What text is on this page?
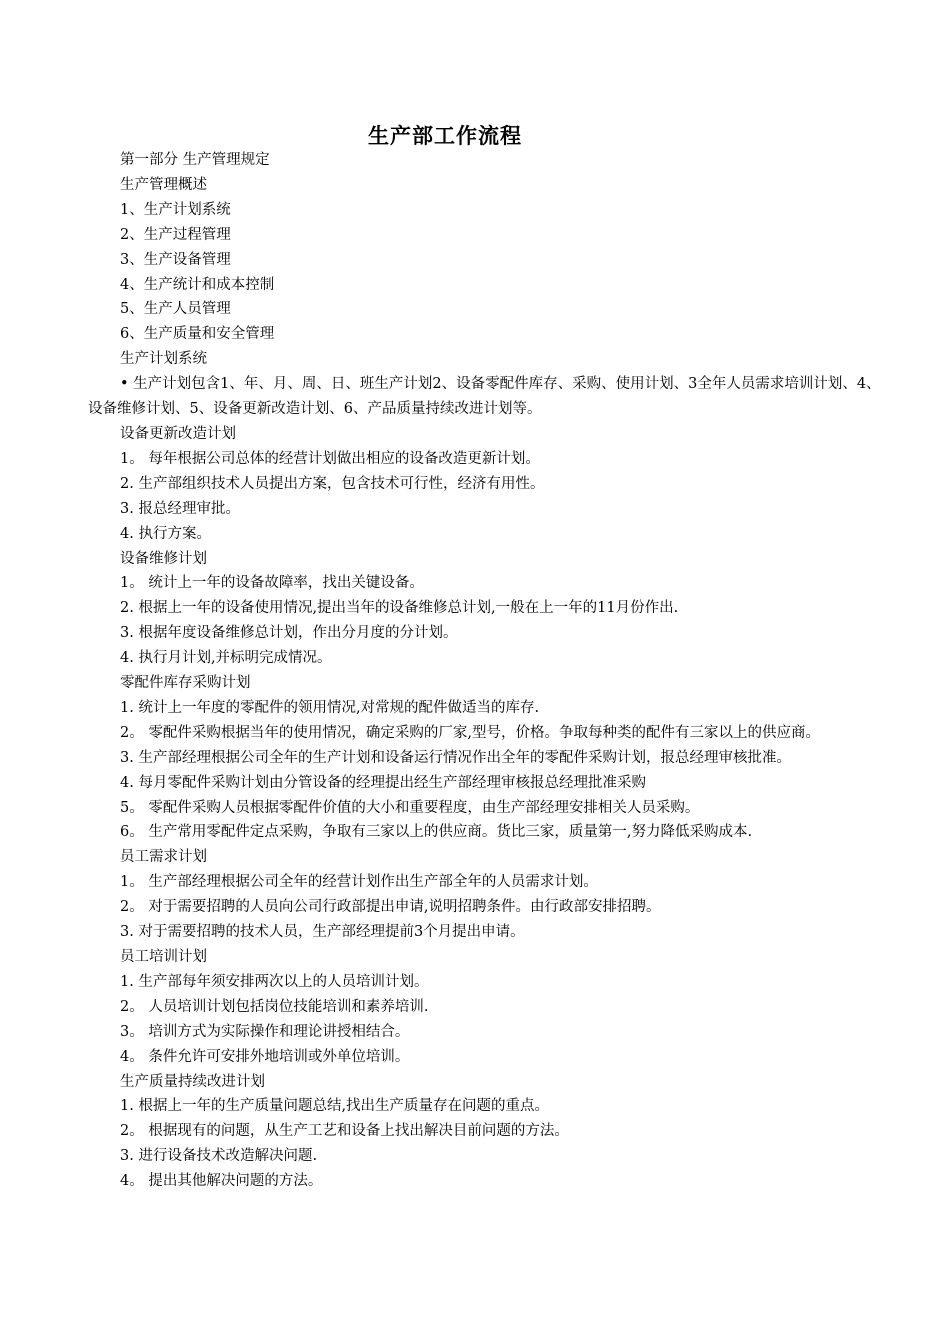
生产部工作流程
第一部分 生产管理规定
生产管理概述
1、生产计划系统
2、生产过程管理
3、生产设备管理
4、生产统计和成本控制
5、生产人员管理
6、生产质量和安全管理
生产计划系统
• 生产计划包含1、年、月、周、日、班生产计划2、设备零配件库存、采购、使用计划、3全年人员需求培训计划、4、设备维修计划、5、设备更新改造计划、6、产品质量持续改进计划等。
设备更新改造计划
1。 每年根据公司总体的经营计划做出相应的设备改造更新计划。
2. 生产部组织技术人员提出方案，包含技术可行性，经济有用性。
3. 报总经理审批。
4. 执行方案。
设备维修计划
1。 统计上一年的设备故障率，找出关键设备。
2. 根据上一年的设备使用情况,提出当年的设备维修总计划,一般在上一年的11月份作出.
3. 根据年度设备维修总计划，作出分月度的分计划。
4. 执行月计划,并标明完成情况。
零配件库存采购计划
1. 统计上一年度的零配件的领用情况,对常规的配件做适当的库存.
2。 零配件采购根据当年的使用情况，确定采购的厂家,型号，价格。争取每种类的配件有三家以上的供应商。
3. 生产部经理根据公司全年的生产计划和设备运行情况作出全年的零配件采购计划，报总经理审核批准。
4. 每月零配件采购计划由分管设备的经理提出经生产部经理审核报总经理批准采购
5。 零配件采购人员根据零配件价值的大小和重要程度，由生产部经理安排相关人员采购。
6。 生产常用零配件定点采购，争取有三家以上的供应商。货比三家，质量第一,努力降低采购成本.
员工需求计划
1。 生产部经理根据公司全年的经营计划作出生产部全年的人员需求计划。
2。 对于需要招聘的人员向公司行政部提出申请,说明招聘条件。由行政部安排招聘。
3. 对于需要招聘的技术人员，生产部经理提前3个月提出申请。
员工培训计划
1. 生产部每年须安排两次以上的人员培训计划。
2。 人员培训计划包括岗位技能培训和素养培训.
3。 培训方式为实际操作和理论讲授相结合。
4。 条件允许可安排外地培训或外单位培训。
生产质量持续改进计划
1. 根据上一年的生产质量问题总结,找出生产质量存在问题的重点。
2。 根据现有的问题，从生产工艺和设备上找出解决目前问题的方法。
3. 进行设备技术改造解决问题.
4。 提出其他解决问题的方法。
